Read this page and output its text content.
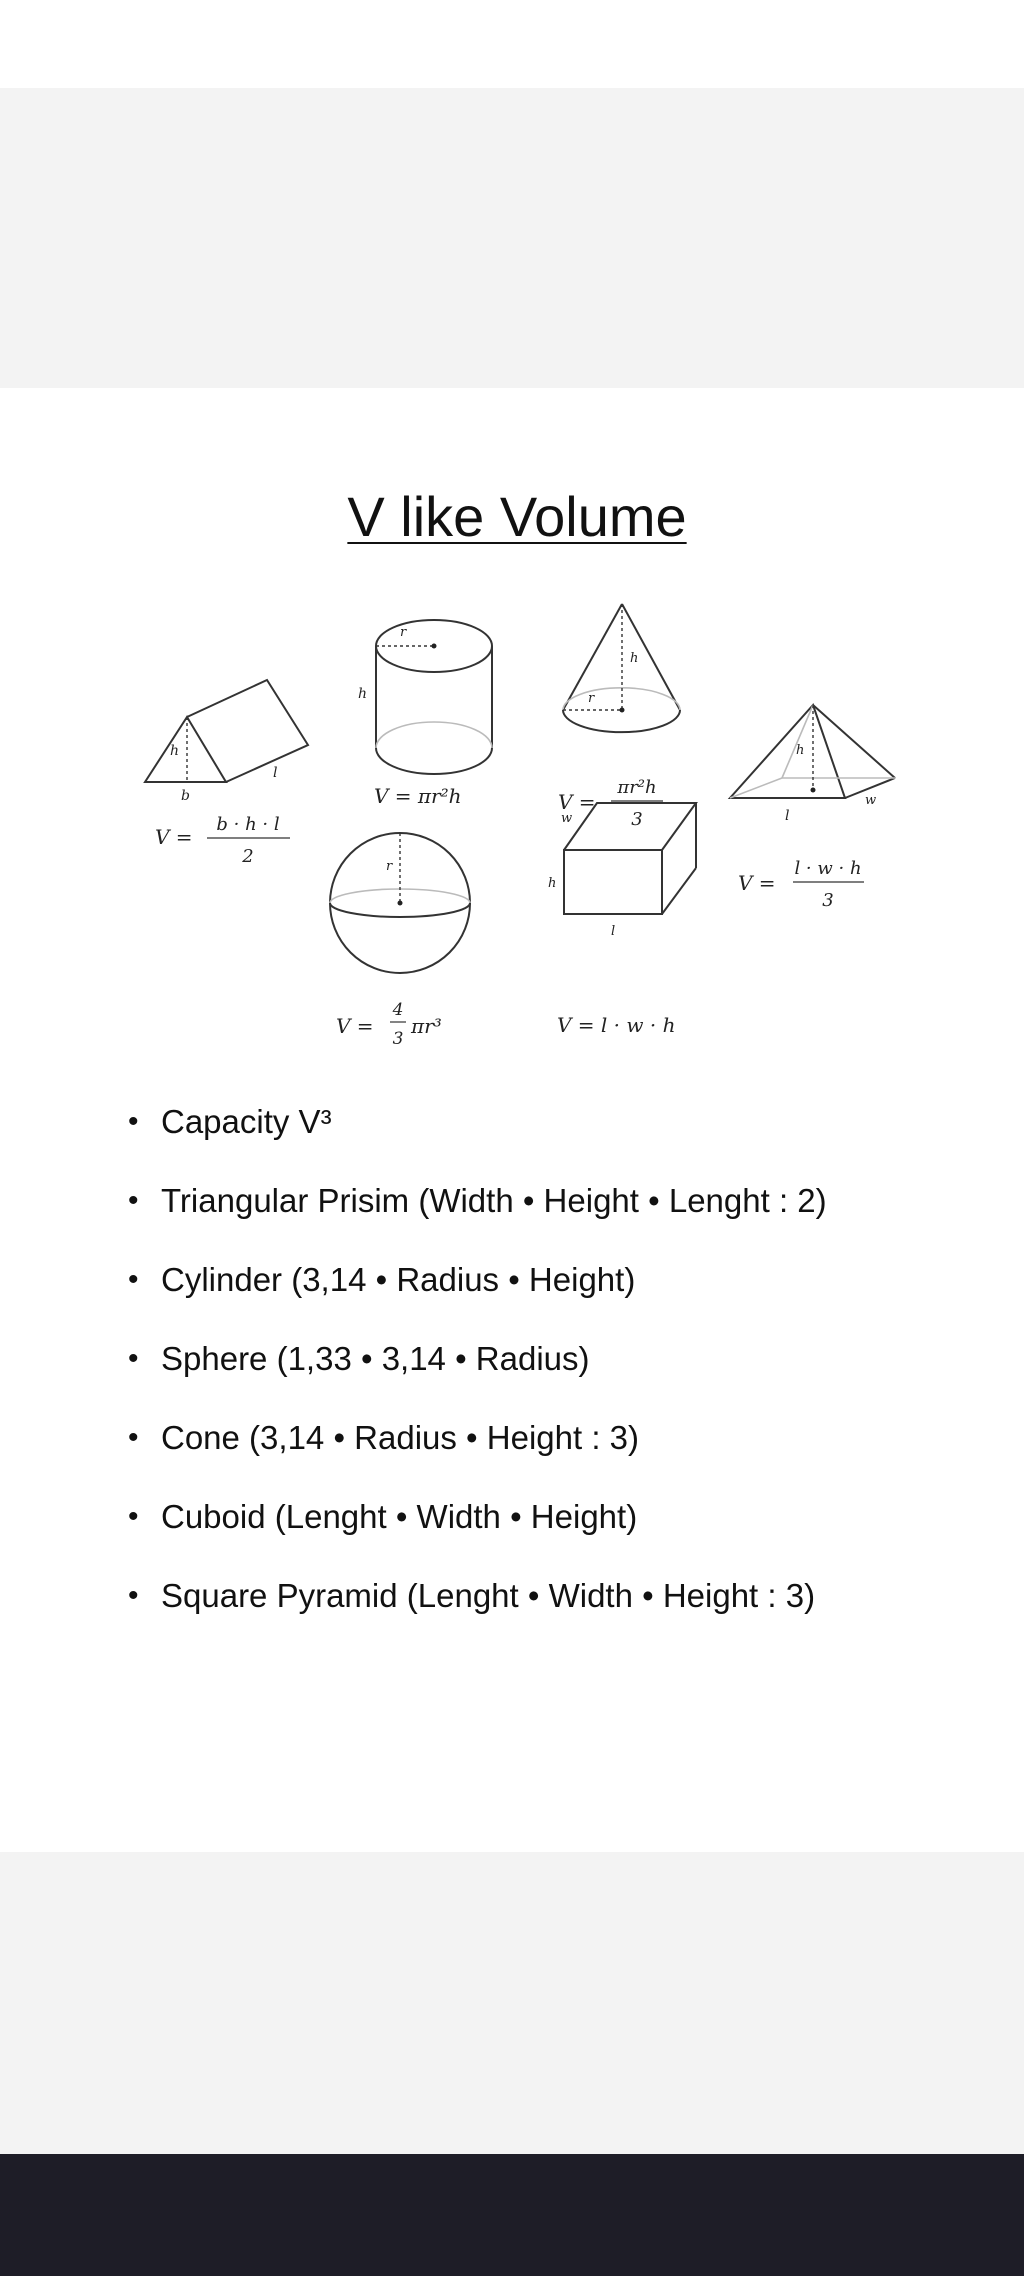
V like Volume
h
b
l
V =
b · h · l
2
r
h
V = πr²h
h
r
V =
πr²h
3
h
l
w
V =
l · w · h
3
r
V =
4
3
πr³
w
h
l
V = l · w · h
• Capacity V³
• Triangular Prisim (Width • Height • Lenght : 2)
• Cylinder (3,14 • Radius • Height)
• Sphere (1,33 • 3,14 • Radius)
• Cone (3,14 • Radius • Height : 3)
• Cuboid (Lenght • Width • Height)
• Square Pyramid (Lenght • Width • Height : 3)
